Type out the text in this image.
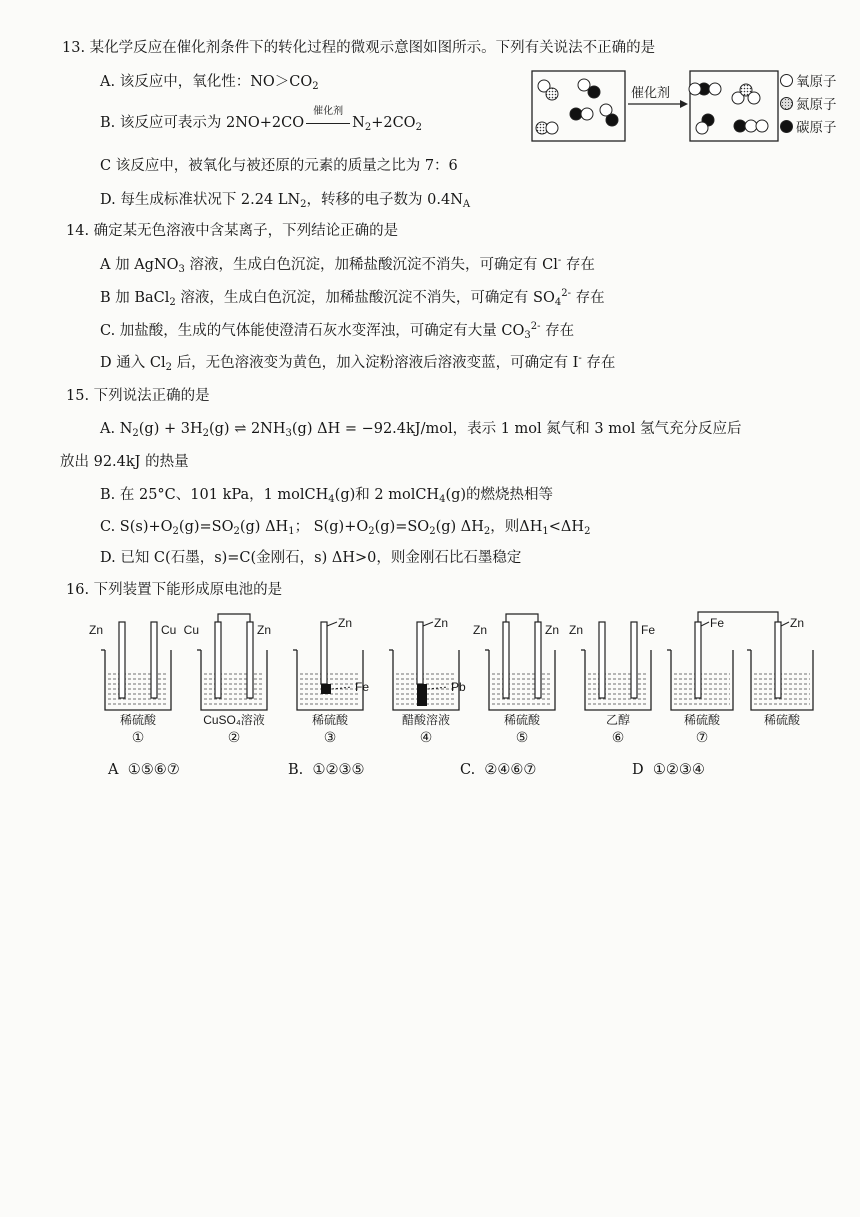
13. 某化学反应在催化剂条件下的转化过程的微观示意图如图所示。下列有关说法不正确的是
A. 该反应中，氧化性：$NO>CO_2$
B. 该反应可表示为 2NO+2CO
催化剂
$N_2+2CO_2$
C 该反应中，被氧化与被还原的元素的质量之比为 7：6
D. 每生成标准状况下 2.24 $LN_2$，转移的电子数为 $0.4N_A$
催化剂
氧原子
氮原子
碳原子
14. 确定某无色溶液中含某离子，下列结论正确的是
A 加 AgNO$_3$ 溶液，生成白色沉淀，加稀盐酸沉淀不消失，可确定有 Cl- 存在
B 加 BaCl$_2$ 溶液，生成白色沉淀，加稀盐酸沉淀不消失，可确定有 $SO_4^{2-}$ 存在
C. 加盐酸，生成的气体能使澄清石灰水变浑浊，可确定有大量 $CO_3^{2-}$ 存在
D 通入 $Cl_2$ 后，无色溶液变为黄色，加入淀粉溶液后溶液变蓝，可确定有 I- 存在
15. 下列说法正确的是
A. $N_2(g) + 3H_2(g)$ ⇌ $2NH_3(g) \Delta H = -92.4kJ/mol$，表示 1 mol 氮气和 3 mol 氢气充分反应后
放出 92.4kJ 的热量
B. 在 25°C、101 kPa，1 molCH$_4$(g)和 2 molCH$_4$(g)的燃烧热相等
C. $S(s)+O_2(g)=SO_2(g)$ $\Delta H_1$； $S(g)+O_2(g)=SO_2(g)$ $\Delta H_2$，则$\Delta H_1<\Delta H_2$
D. 已知 C(石墨，s)=C(金刚石，s) ΔH>0，则金刚石比石墨稳定
16. 下列装置下能形成原电池的是
Zn	Cu
稀硫酸
①
Cu	Zn
CuSO₄溶液
②
Zn
Fe
稀硫酸
③
Zn
Pb
醋酸溶液
④
Zn	Zn
稀硫酸
⑤
Zn	Fe
乙醇
⑥
Fe	Zn
稀硫酸	稀硫酸
⑦
A ①⑤⑥⑦	B. ①②③⑤	C. ②④⑥⑦	D ①②③④
